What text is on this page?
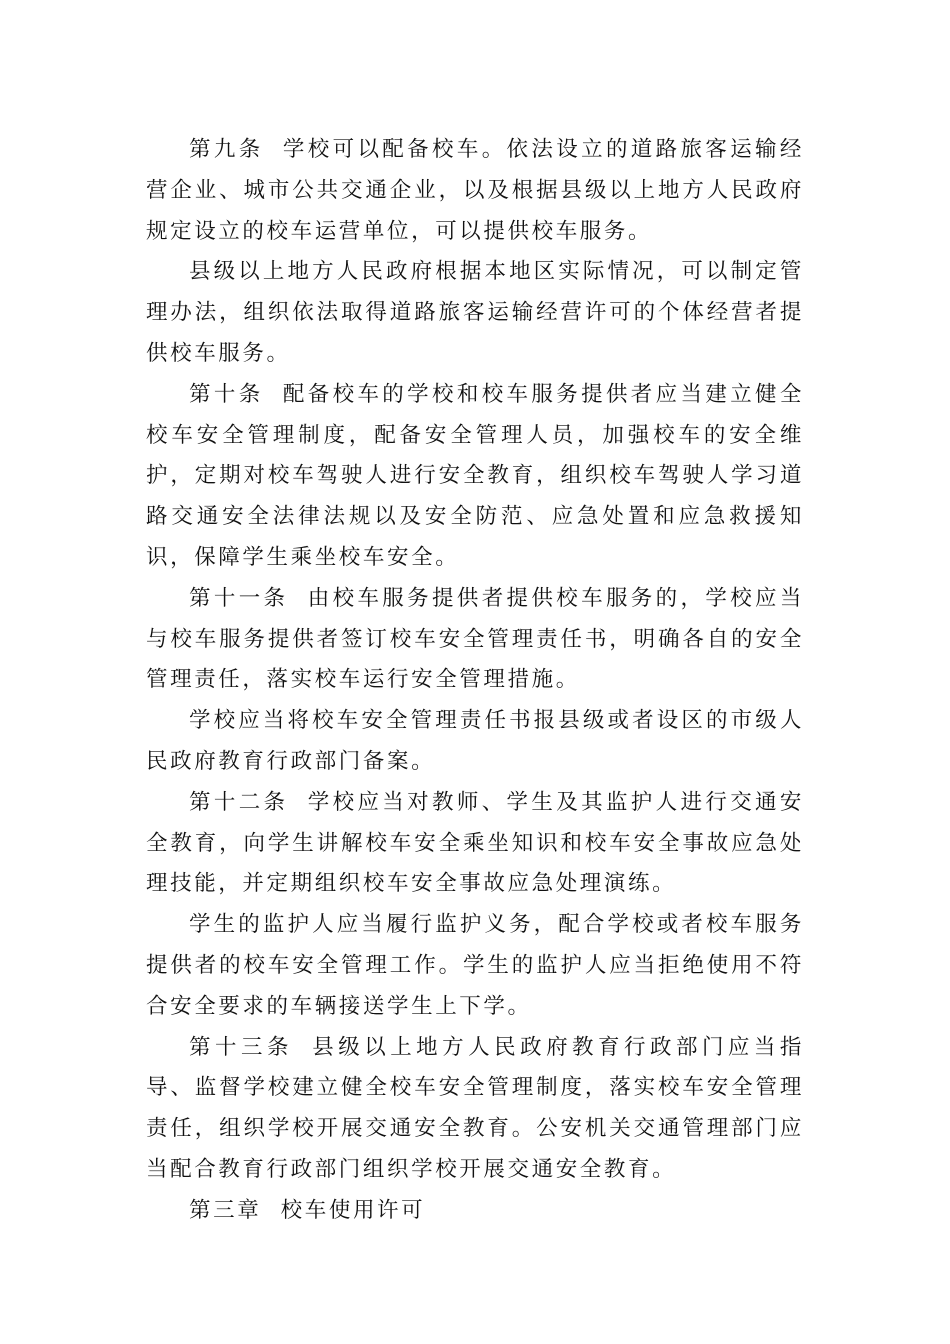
第九条 学校可以配备校车。依法设立的道路旅客运输经营企业、城市公共交通企业，以及根据县级以上地方人民政府规定设立的校车运营单位，可以提供校车服务。

县级以上地方人民政府根据本地区实际情况，可以制定管理办法，组织依法取得道路旅客运输经营许可的个体经营者提供校车服务。

第十条 配备校车的学校和校车服务提供者应当建立健全校车安全管理制度，配备安全管理人员，加强校车的安全维护，定期对校车驾驶人进行安全教育，组织校车驾驶人学习道路交通安全法律法规以及安全防范、应急处置和应急救援知识，保障学生乘坐校车安全。

第十一条 由校车服务提供者提供校车服务的，学校应当与校车服务提供者签订校车安全管理责任书，明确各自的安全管理责任，落实校车运行安全管理措施。

学校应当将校车安全管理责任书报县级或者设区的市级人民政府教育行政部门备案。

第十二条 学校应当对教师、学生及其监护人进行交通安全教育，向学生讲解校车安全乘坐知识和校车安全事故应急处理技能，并定期组织校车安全事故应急处理演练。

学生的监护人应当履行监护义务，配合学校或者校车服务提供者的校车安全管理工作。学生的监护人应当拒绝使用不符合安全要求的车辆接送学生上下学。

第十三条 县级以上地方人民政府教育行政部门应当指导、监督学校建立健全校车安全管理制度，落实校车安全管理责任，组织学校开展交通安全教育。公安机关交通管理部门应当配合教育行政部门组织学校开展交通安全教育。

第三章 校车使用许可
